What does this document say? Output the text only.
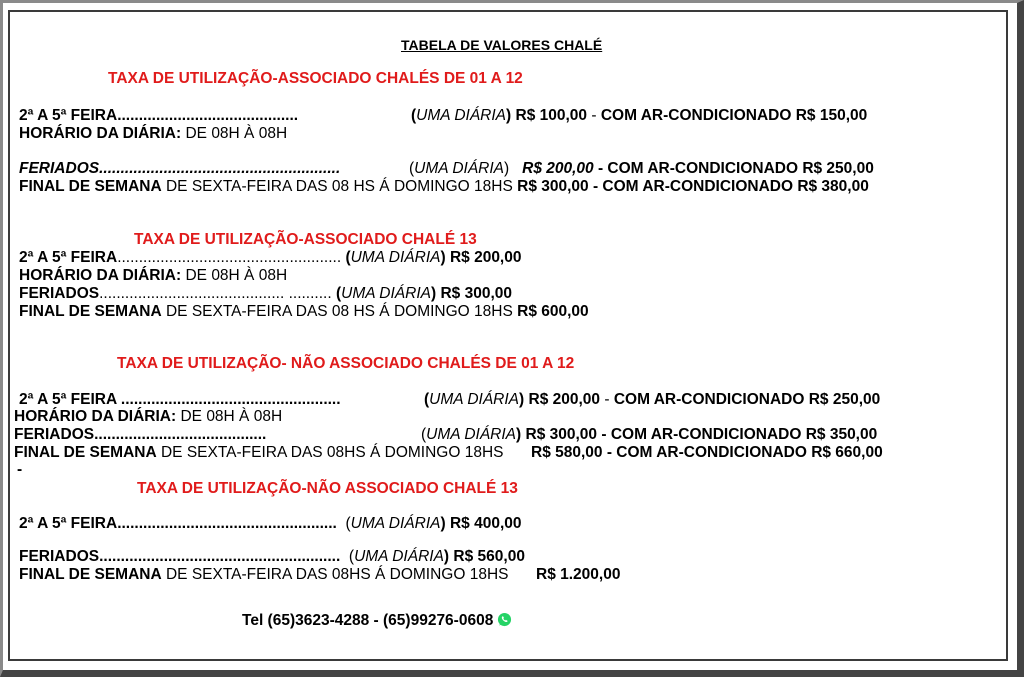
TABELA DE VALORES CHALÉ
TAXA DE UTILIZAÇÃO-ASSOCIADO CHALÉS DE 01 A 12
2ª A 5ª FEIRA..........................................	(UMA DIÁRIA) R$ 100,00 - COM AR-CONDICIONADO R$ 150,00
HORÁRIO DA DIÁRIA: DE 08H À 08H
FERIADOS........................................................	(UMA DIÁRIA) R$ 200,00 - COM AR-CONDICIONADO R$ 250,00
FINAL DE SEMANA DE SEXTA-FEIRA DAS 08 HS Á DOMINGO 18HS R$ 300,00 - COM AR-CONDICIONADO R$ 380,00
TAXA DE UTILIZAÇÃO-ASSOCIADO CHALÉ 13
2ª A 5ª FEIRA.................................................... (UMA DIÁRIA) R$ 200,00
HORÁRIO DA DIÁRIA: DE 08H À 08H
FERIADOS........................................... .......... (UMA DIÁRIA) R$ 300,00
FINAL DE SEMANA DE SEXTA-FEIRA DAS 08 HS Á DOMINGO 18HS R$ 600,00
TAXA DE UTILIZAÇÃO- NÃO ASSOCIADO CHALÉS DE 01 A 12
2ª A 5ª FEIRA ...................................................	(UMA DIÁRIA) R$ 200,00 - COM AR-CONDICIONADO R$ 250,00
HORÁRIO DA DIÁRIA: DE 08H À 08H
FERIADOS........................................	(UMA DIÁRIA) R$ 300,00 - COM AR-CONDICIONADO R$ 350,00
FINAL DE SEMANA DE SEXTA-FEIRA DAS 08HS Á DOMINGO 18HS R$ 580,00 - COM AR-CONDICIONADO R$ 660,00
-
TAXA DE UTILIZAÇÃO-NÃO ASSOCIADO CHALÉ 13
2ª A 5ª FEIRA................................................... (UMA DIÁRIA) R$ 400,00
FERIADOS........................................................ (UMA DIÁRIA) R$ 560,00
FINAL DE SEMANA DE SEXTA-FEIRA DAS 08HS Á DOMINGO 18HS R$ 1.200,00
Tel (65)3623-4288 - (65)99276-0608
